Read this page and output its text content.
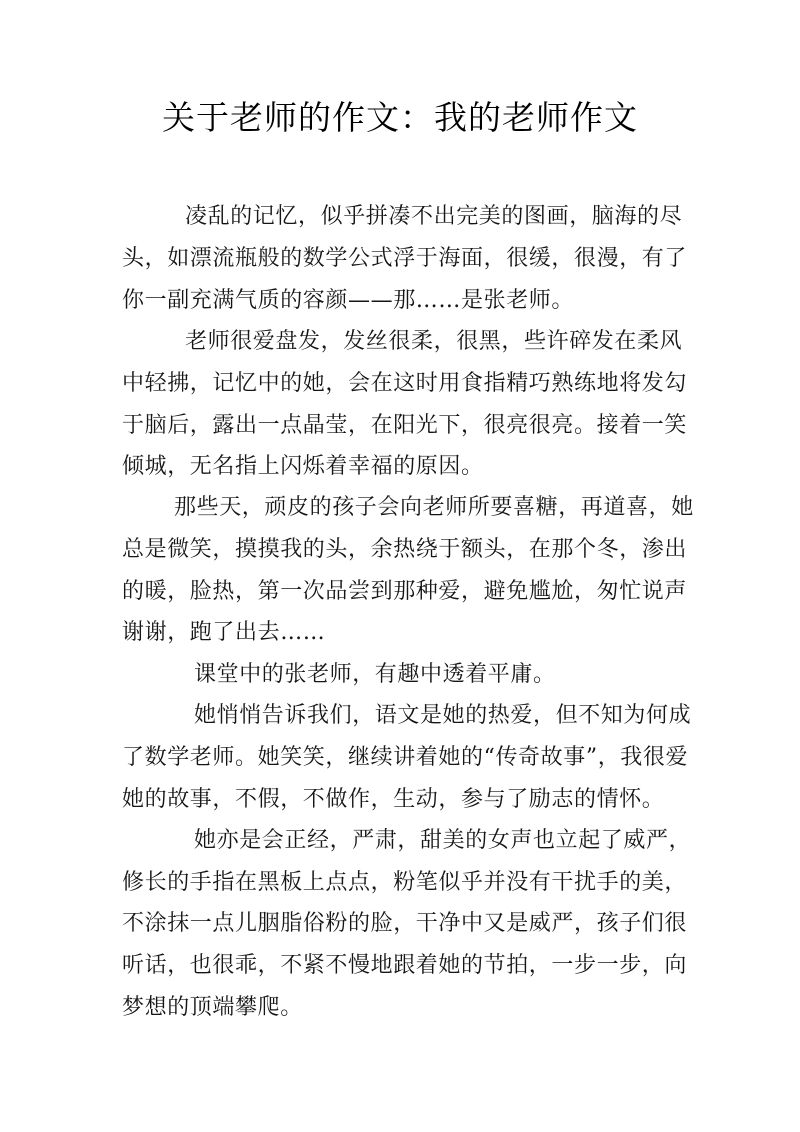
关于老师的作文：我的老师作文
凌乱的记忆，似乎拼凑不出完美的图画，脑海的尽
头，如漂流瓶般的数学公式浮于海面，很缓，很漫，有了
你一副充满气质的容颜——那……是张老师。
老师很爱盘发，发丝很柔，很黑，些许碎发在柔风
中轻拂，记忆中的她，会在这时用食指精巧熟练地将发勾
于脑后，露出一点晶莹，在阳光下，很亮很亮。接着一笑
倾城，无名指上闪烁着幸福的原因。
那些天，顽皮的孩子会向老师所要喜糖，再道喜，她
总是微笑，摸摸我的头，余热绕于额头，在那个冬，渗出
的暖，脸热，第一次品尝到那种爱，避免尴尬，匆忙说声
谢谢，跑了出去……
课堂中的张老师，有趣中透着平庸。
她悄悄告诉我们，语文是她的热爱，但不知为何成
了数学老师。她笑笑，继续讲着她的“传奇故事”，我很爱
她的故事，不假，不做作，生动，参与了励志的情怀。
她亦是会正经，严肃，甜美的女声也立起了威严，
修长的手指在黑板上点点，粉笔似乎并没有干扰手的美，
不涂抹一点儿胭脂俗粉的脸，干净中又是威严，孩子们很
听话，也很乖，不紧不慢地跟着她的节拍，一步一步，向
梦想的顶端攀爬。
